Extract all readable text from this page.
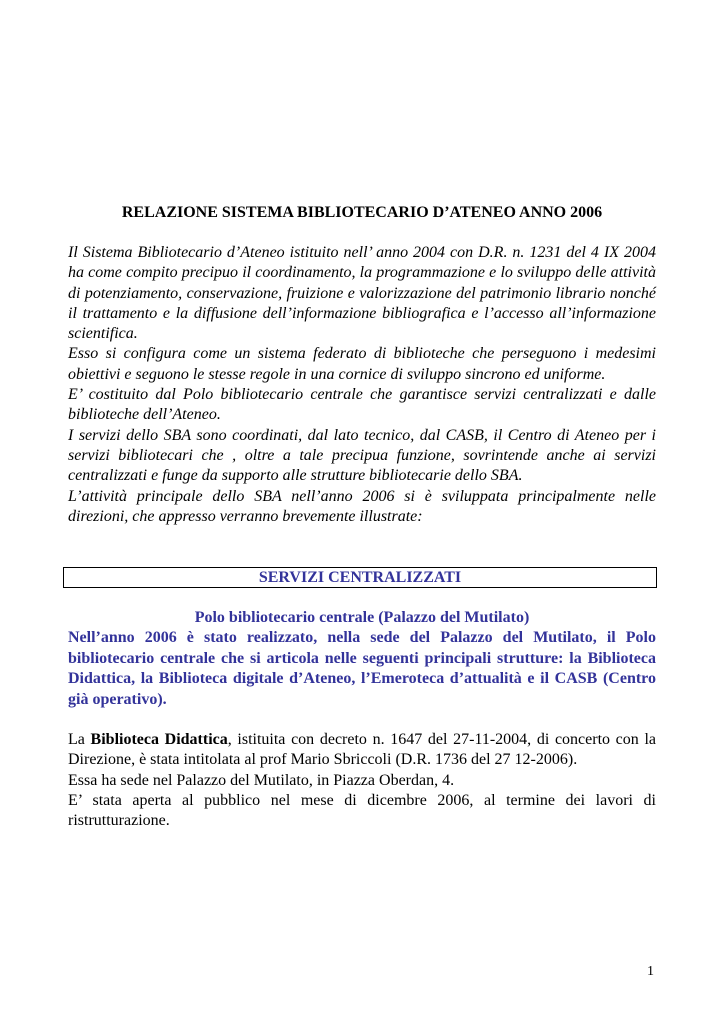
RELAZIONE SISTEMA BIBLIOTECARIO D’ATENEO ANNO 2006

Il Sistema Bibliotecario d’Ateneo istituito nell’ anno 2004 con D.R. n. 1231 del 4 IX 2004 ha come compito precipuo il coordinamento, la programmazione e lo sviluppo delle attività di potenziamento, conservazione, fruizione e valorizzazione del patrimonio librario nonché il trattamento e la diffusione dell’informazione bibliografica e l’accesso all’informazione scientifica.

Esso si configura come un sistema federato di biblioteche che perseguono i medesimi obiettivi e seguono le stesse regole in una cornice di sviluppo sincrono ed uniforme.

E’ costituito dal Polo bibliotecario centrale che garantisce servizi centralizzati e dalle biblioteche dell’Ateneo.

I servizi dello SBA sono coordinati, dal lato tecnico, dal CASB, il Centro di Ateneo per i servizi bibliotecari che , oltre a tale precipua funzione, sovrintende anche ai servizi centralizzati e funge da supporto alle strutture bibliotecarie dello SBA.

L’attività principale dello SBA nell’anno 2006 si è sviluppata principalmente nelle direzioni, che appresso verranno brevemente illustrate:

SERVIZI CENTRALIZZATI
Polo bibliotecario centrale (Palazzo del Mutilato)

Nell’anno 2006 è stato realizzato, nella sede del Palazzo del Mutilato, il Polo bibliotecario centrale che si articola nelle seguenti principali strutture: la Biblioteca Didattica, la Biblioteca digitale d’Ateneo, l’Emeroteca d’attualità e il CASB (Centro già operativo).

La Biblioteca Didattica, istituita con decreto n. 1647 del 27-11-2004, di concerto con la Direzione, è stata intitolata al prof Mario Sbriccoli (D.R. 1736 del 27 12-2006).

Essa ha sede nel Palazzo del Mutilato, in Piazza Oberdan, 4.

E’ stata aperta al pubblico nel mese di dicembre 2006, al termine dei lavori di ristrutturazione.

1
